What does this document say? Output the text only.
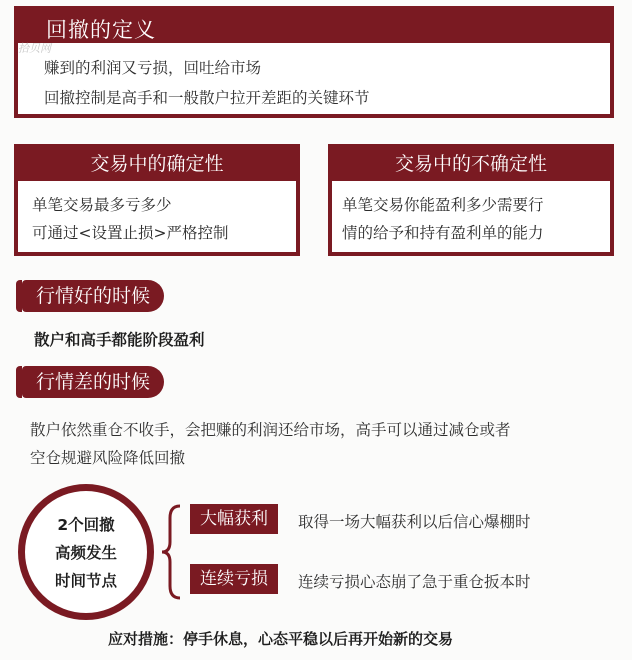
回撤的定义
赚到的利润又亏损，回吐给市场
回撤控制是高手和一般散户拉开差距的关键环节
拾贝网
交易中的确定性
单笔交易最多亏多少
可通过<设置止损>严格控制
交易中的不确定性
单笔交易你能盈利多少需要行
情的给予和持有盈利单的能力
行情好的时候
散户和高手都能阶段盈利
行情差的时候
散户依然重仓不收手，会把赚的利润还给市场，高手可以通过减仓或者
空仓规避风险降低回撤
2个回撤
高频发生
时间节点
大幅获利	取得一场大幅获利以后信心爆棚时
连续亏损	连续亏损心态崩了急于重仓扳本时
应对措施：停手休息，心态平稳以后再开始新的交易
